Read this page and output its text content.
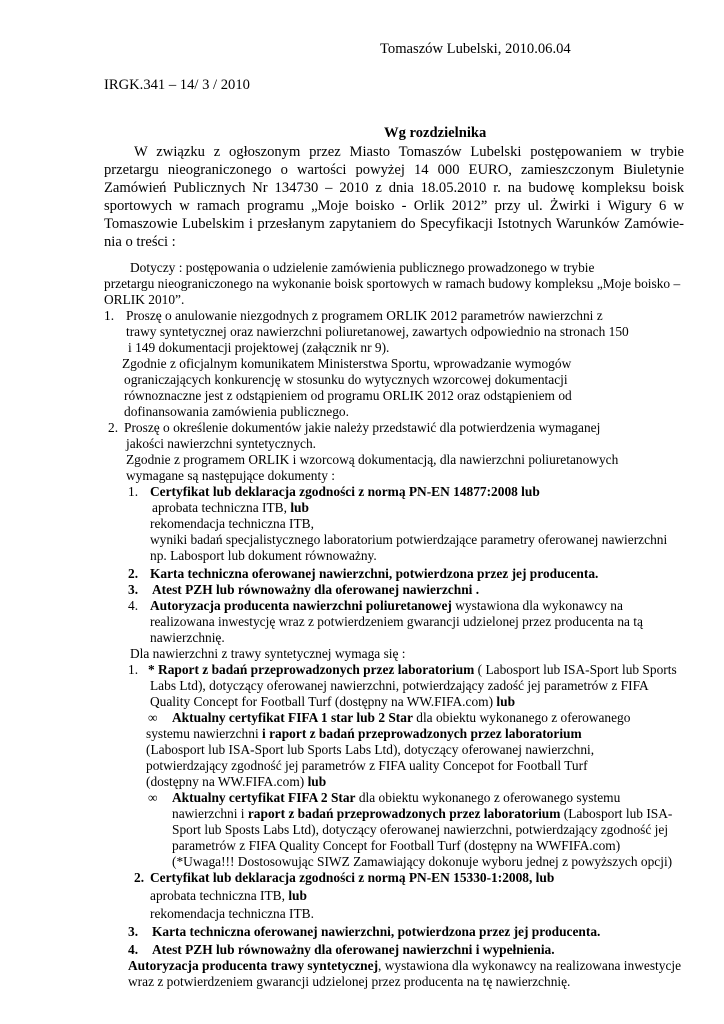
Tomaszów Lubelski, 2010.06.04
IRGK.341 – 14/ 3 / 2010
Wg rozdzielnika
W związku z ogłoszonym przez Miasto Tomaszów Lubelski postępowaniem w trybie
przetargu nieograniczonego o wartości powyżej 14 000 EURO, zamieszczonym Biuletynie
Zamówień Publicznych Nr 134730 – 2010 z dnia 18.05.2010 r. na budowę kompleksu boisk
sportowych w ramach programu „Moje boisko - Orlik 2012” przy ul. Żwirki i Wigury 6 w
Tomaszowie Lubelskim i przesłanym zapytaniem do Specyfikacji Istotnych Warunków Zamówie-
nia o treści :
Dotyczy : postępowania o udzielenie zamówienia publicznego prowadzonego w trybie
przetargu nieograniczonego na wykonanie boisk sportowych w ramach budowy kompleksu „Moje boisko –
ORLIK 2010”.
1. Proszę o anulowanie niezgodnych z programem ORLIK 2012 parametrów nawierzchni z
trawy syntetycznej oraz nawierzchni poliuretanowej, zawartych odpowiednio na stronach 150
i 149 dokumentacji projektowej (załącznik nr 9).
Zgodnie z oficjalnym komunikatem Ministerstwa Sportu, wprowadzanie wymogów
ograniczających konkurencję w stosunku do wytycznych wzorcowej dokumentacji
równoznaczne jest z odstąpieniem od programu ORLIK 2012 oraz odstąpieniem od
dofinansowania zamówienia publicznego.
2. Proszę o określenie dokumentów jakie należy przedstawić dla potwierdzenia wymaganej
jakości nawierzchni syntetycznych.
Zgodnie z programem ORLIK i wzorcową dokumentacją, dla nawierzchni poliuretanowych
wymagane są następujące dokumenty :
1. Certyfikat lub deklaracja zgodności z normą PN-EN 14877:2008 lub
aprobata techniczna ITB, lub
rekomendacja techniczna ITB,
wyniki badań specjalistycznego laboratorium potwierdzające parametry oferowanej nawierzchni
np. Labosport lub dokument równoważny.
2. Karta techniczna oferowanej nawierzchni, potwierdzona przez jej producenta.
3. Atest PZH lub równoważny dla oferowanej nawierzchni .
4. Autoryzacja producenta nawierzchni poliuretanowej wystawiona dla wykonawcy na
realizowana inwestycję wraz z potwierdzeniem gwarancji udzielonej przez producenta na tą
nawierzchnię.
Dla nawierzchni z trawy syntetycznej wymaga się :
1. * Raport z badań przeprowadzonych przez laboratorium ( Labosport lub ISA-Sport lub Sports
Labs Ltd), dotyczący oferowanej nawierzchni, potwierdzający zadość jej parametrów z FIFA
Quality Concept for Football Turf (dostępny na WW.FIFA.com) lub
∞ Aktualny certyfikat FIFA 1 star lub 2 Star dla obiektu wykonanego z oferowanego
systemu nawierzchni i raport z badań przeprowadzonych przez laboratorium
(Labosport lub ISA-Sport lub Sports Labs Ltd), dotyczący oferowanej nawierzchni,
potwierdzający zgodność jej parametrów z FIFA uality Concepot for Football Turf
(dostępny na WW.FIFA.com) lub
∞ Aktualny certyfikat FIFA 2 Star dla obiektu wykonanego z oferowanego systemu
nawierzchni i raport z badań przeprowadzonych przez laboratorium (Labosport lub ISA-
Sport lub Sposts Labs Ltd), dotyczący oferowanej nawierzchni, potwierdzający zgodność jej
parametrów z FIFA Quality Concept for Football Turf (dostępny na WWFIFA.com)
(*Uwaga!!! Dostosowując SIWZ Zamawiający dokonuje wyboru jednej z powyższych opcji)
2. Certyfikat lub deklaracja zgodności z normą PN-EN 15330-1:2008, lub
aprobata techniczna ITB, lub
rekomendacja techniczna ITB.
3. Karta techniczna oferowanej nawierzchni, potwierdzona przez jej producenta.
4. Atest PZH lub równoważny dla oferowanej nawierzchni i wypełnienia.
Autoryzacja producenta trawy syntetycznej, wystawiona dla wykonawcy na realizowana inwestycje
wraz z potwierdzeniem gwarancji udzielonej przez producenta na tę nawierzchnię.
